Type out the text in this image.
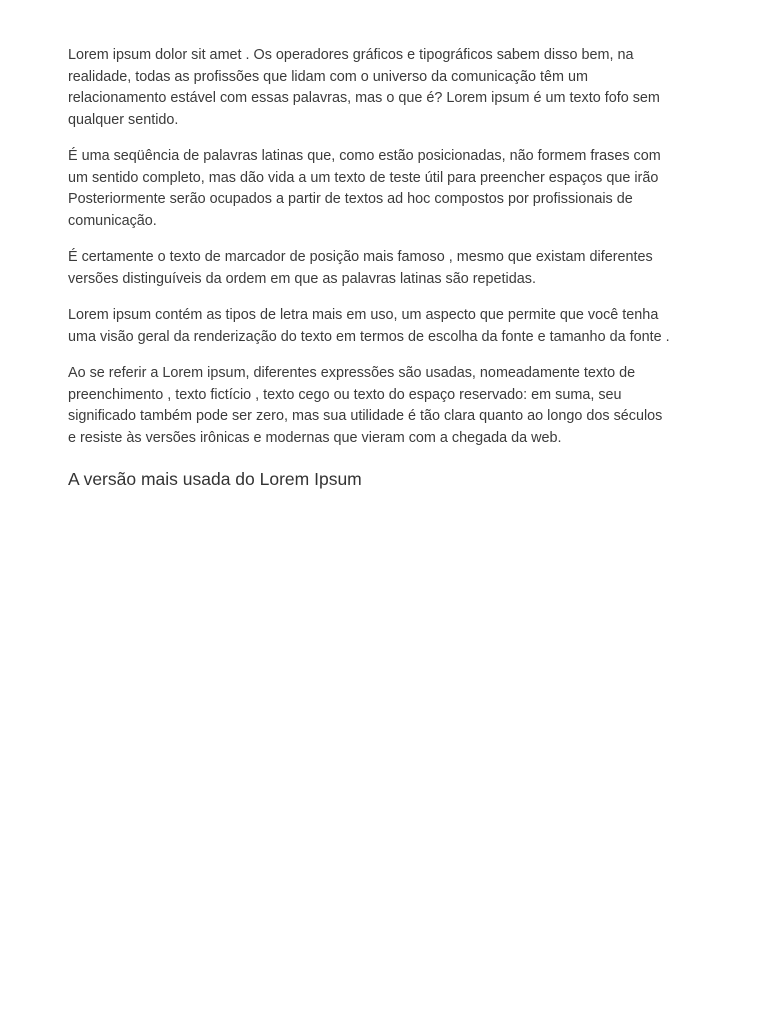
Lorem ipsum dolor sit amet . Os operadores gráficos e tipográficos sabem disso bem, na
realidade, todas as profissões que lidam com o universo da comunicação têm um
relacionamento estável com essas palavras, mas o que é? Lorem ipsum é um texto fofo sem
qualquer sentido.

É uma seqüência de palavras latinas que, como estão posicionadas, não formem frases com
um sentido completo, mas dão vida a um texto de teste útil para preencher espaços que irão
Posteriormente serão ocupados a partir de textos ad hoc compostos por profissionais de
comunicação.

É certamente o texto de marcador de posição mais famoso , mesmo que existam diferentes
versões distinguíveis da ordem em que as palavras latinas são repetidas.

Lorem ipsum contém as tipos de letra mais em uso, um aspecto que permite que você tenha
uma visão geral da renderização do texto em termos de escolha da fonte e tamanho da fonte .

Ao se referir a Lorem ipsum, diferentes expressões são usadas, nomeadamente texto de
preenchimento , texto fictício , texto cego ou texto do espaço reservado: em suma, seu
significado também pode ser zero, mas sua utilidade é tão clara quanto ao longo dos séculos
e resiste às versões irônicas e modernas que vieram com a chegada da web.

A versão mais usada do Lorem Ipsum
